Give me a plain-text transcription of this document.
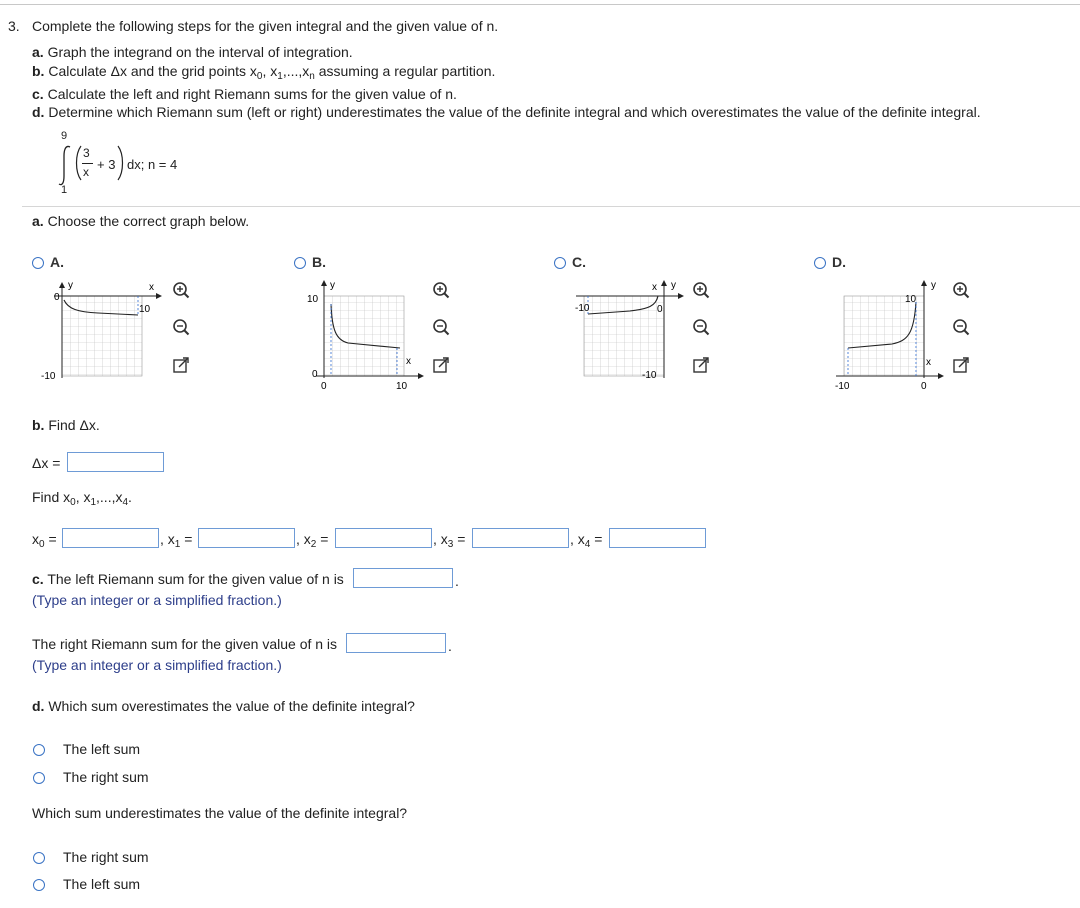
3. Complete the following steps for the given integral and the given value of n.
a. Graph the integrand on the interval of integration.
b. Calculate Δx and the grid points $x_0$, $x_1,...,x_n$ assuming a regular partition.
c. Calculate the left and right Riemann sums for the given value of n.
d. Determine which Riemann sum (left or right) underestimates the value of the definite integral and which overestimates the value of the definite integral.
9
1
3
x + 3 dx; n = 4
a. Choose the correct graph below.
A.	B.	C.	D.
y	x
0
-10
10
y
x
10
0
0	10
y
x
-10
-10
0
y
x
10
-10	0
b. Find Δx.
Δx =
Find $x_0$, $x_1,...,x_4$.
$x_0$ =	, $x_1$ =	, $x_2$ =	, $x_3$ =	, $x_4$ =
c. The left Riemann sum for the given value of n is	.
(Type an integer or a simplified fraction.)
The right Riemann sum for the given value of n is	.
(Type an integer or a simplified fraction.)
d. Which sum overestimates the value of the definite integral?
The left sum
The right sum
Which sum underestimates the value of the definite integral?
The right sum
The left sum
